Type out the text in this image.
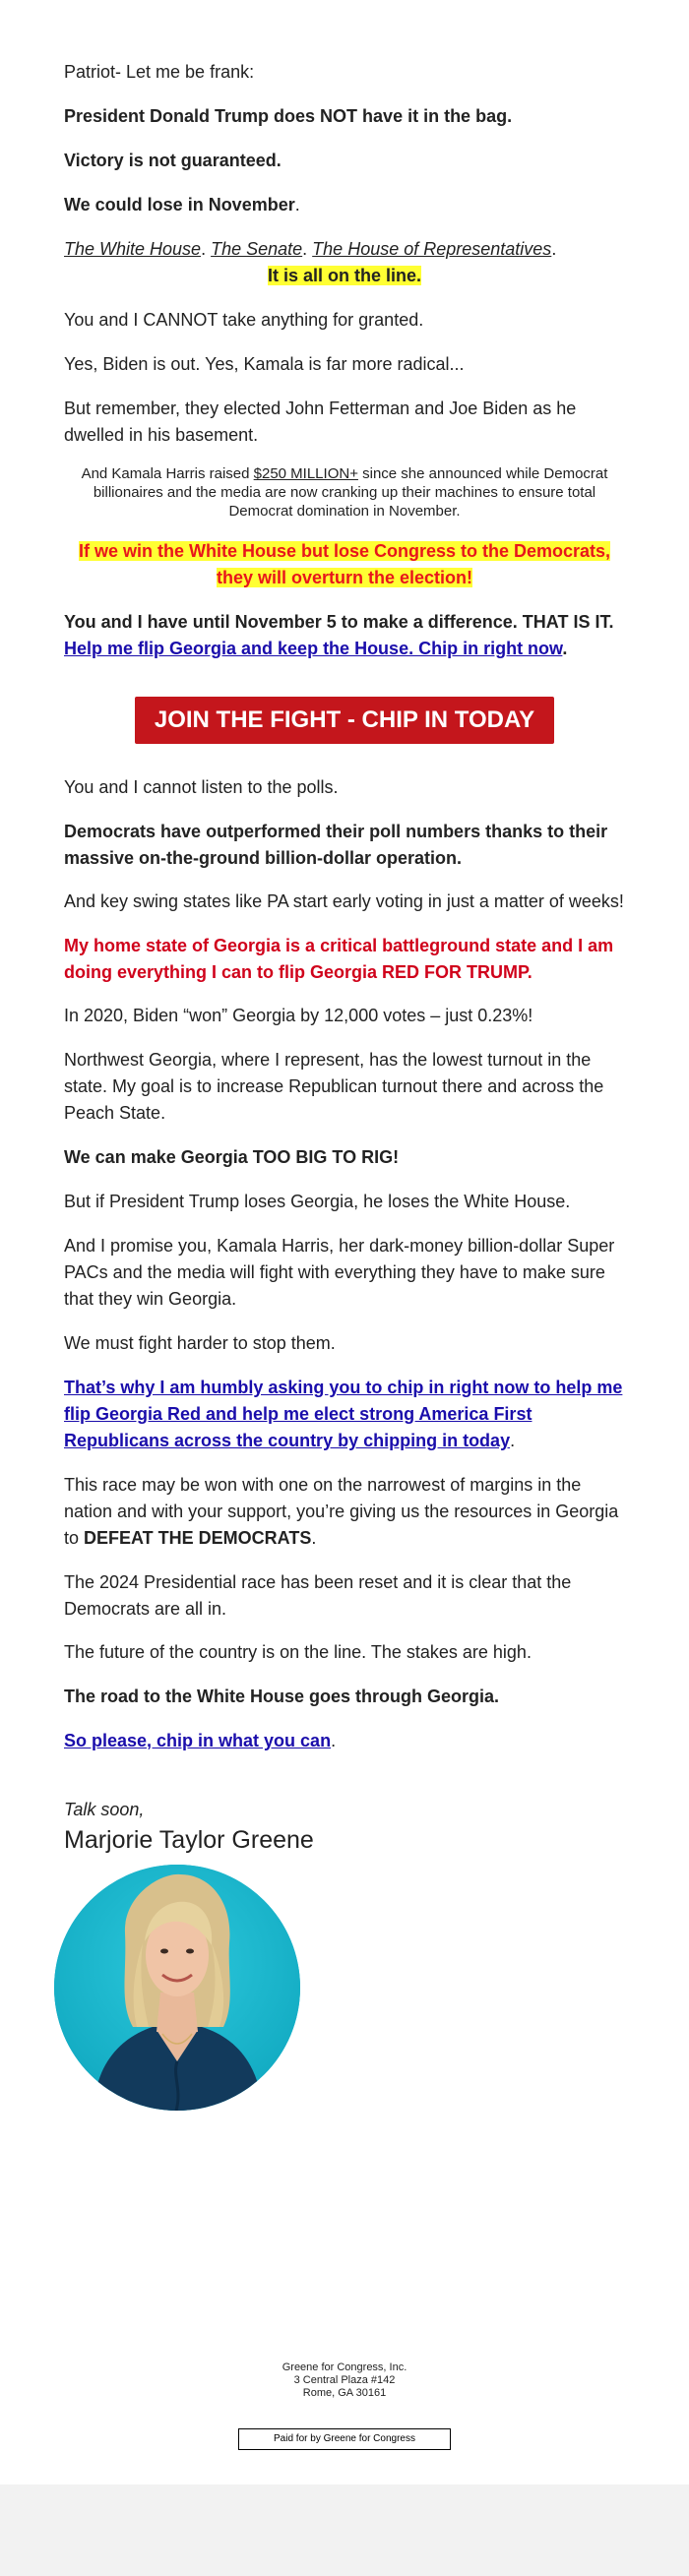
Patriot- Let me be frank:

President Donald Trump does NOT have it in the bag.

Victory is not guaranteed.

We could lose in November.

The White House. The Senate. The House of Representatives.

It is all on the line.

You and I CANNOT take anything for granted.

Yes, Biden is out. Yes, Kamala is far more radical...

But remember, they elected John Fetterman and Joe Biden as he dwelled in his basement.

And Kamala Harris raised $250 MILLION+ since she announced while Democrat billionaires and the media are now cranking up their machines to ensure total Democrat domination in November.

If we win the White House but lose Congress to the Democrats, they will overturn the election!

You and I have until November 5 to make a difference. THAT IS IT.
Help me flip Georgia and keep the House. Chip in right now.

JOIN THE FIGHT - CHIP IN TODAY

You and I cannot listen to the polls.

Democrats have outperformed their poll numbers thanks to their massive on-the-ground billion-dollar operation.

And key swing states like PA start early voting in just a matter of weeks!

My home state of Georgia is a critical battleground state and I am doing everything I can to flip Georgia RED FOR TRUMP.

In 2020, Biden “won” Georgia by 12,000 votes – just 0.23%!

Northwest Georgia, where I represent, has the lowest turnout in the state. My goal is to increase Republican turnout there and across the Peach State.

We can make Georgia TOO BIG TO RIG!

But if President Trump loses Georgia, he loses the White House.

And I promise you, Kamala Harris, her dark-money billion-dollar Super PACs and the media will fight with everything they have to make sure that they win Georgia.

We must fight harder to stop them.

That’s why I am humbly asking you to chip in right now to help me flip Georgia Red and help me elect strong America First Republicans across the country by chipping in today.

This race may be won with one on the narrowest of margins in the nation and with your support, you’re giving us the resources in Georgia to DEFEAT THE DEMOCRATS.

The 2024 Presidential race has been reset and it is clear that the Democrats are all in.

The future of the country is on the line. The stakes are high.

The road to the White House goes through Georgia.

So please, chip in what you can.

Talk soon,

Marjorie Taylor Greene

Greene for Congress, Inc.
3 Central Plaza #142
Rome, GA 30161
Paid for by Greene for Congress
